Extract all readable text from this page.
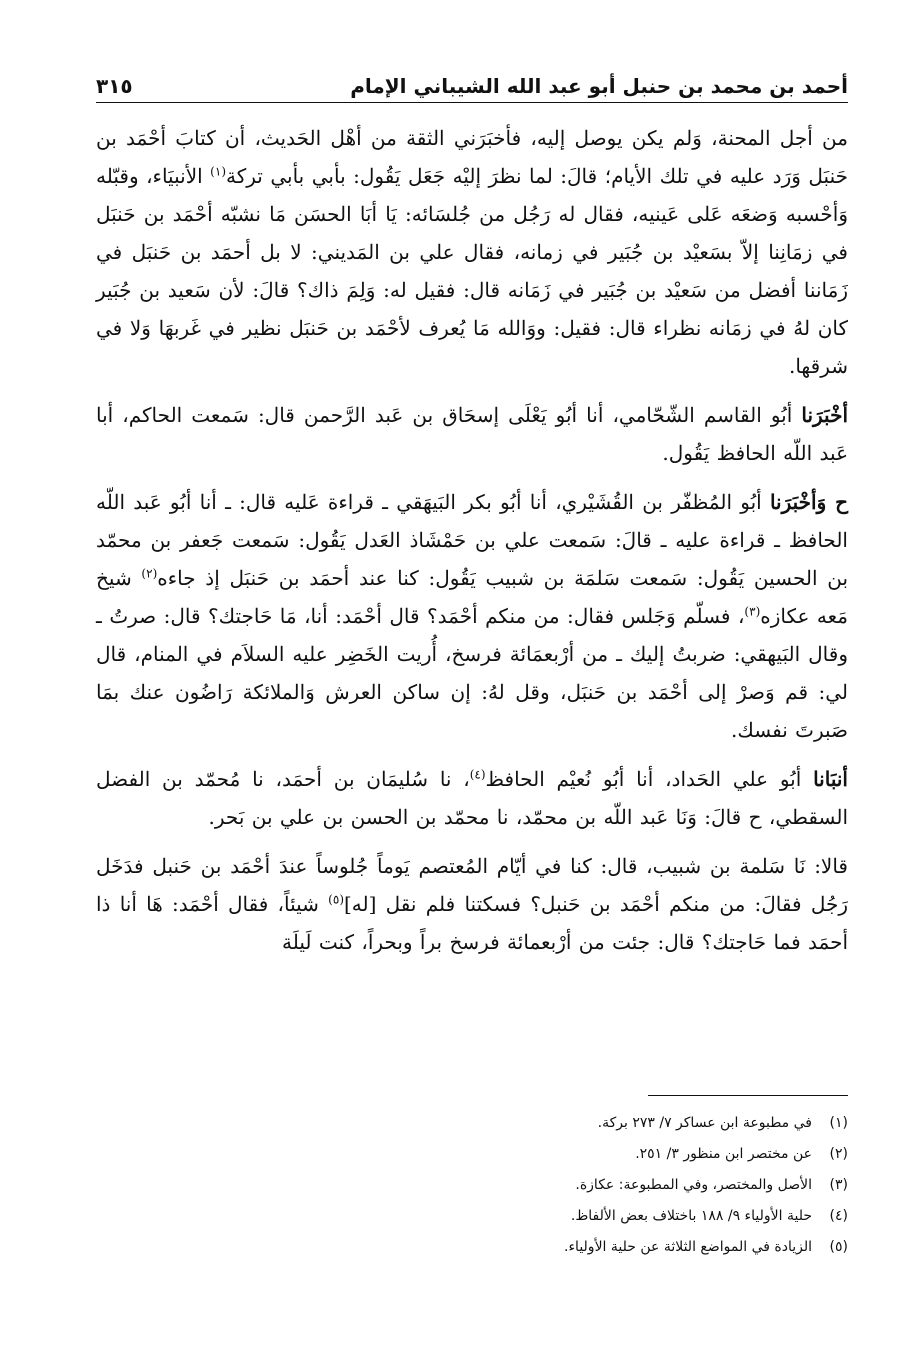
أحمد بن محمد بن حنبل أبو عبد الله الشيباني الإمام
٣١٥

من أجل المحنة، وَلم يكن يوصل إليه، فأخبَرَني الثقة من أهْل الحَديث، أن كتابَ أحْمَد بن حَنبَل وَرَد عليه في تلك الأيام؛ قالَ: لما نظرَ إليْه جَعَل يَقُول: بأبي بأبي تركة$^{(١)}$ الأنبيَاء، وقبّله وَأحْسبه وَضعَه عَلى عَينيه، فقال له رَجُل من جُلسَائه: يَا أبَا الحسَن مَا نشبّه أحْمَد بن حَنبَل في زمَانِنا إلاّ بسَعيْد بن جُبَير في زمانه، فقال علي بن المَديني: لا بل أحمَد بن حَنبَل في زَمَاننا أفضل من سَعيْد بن جُبَير في زَمَانه قال: فقيل له: وَلِمَ ذاك؟ قالَ: لأن سَعيد بن جُبَير كان لهُ في زمَانه نظراء قال: فقيل: ووَالله مَا يُعرف لأحْمَد بن حَنبَل نظير في غَربهَا وَلا في شرقها.

أخْبَرَنا أبُو القاسم الشّحّامي، أنا أبُو يَعْلَى إسحَاق بن عَبد الرَّحمن قال: سَمعت الحاكم، أبا عَبد اللّه الحافظ يَقُول.

ح وَأخْبَرَنا أبُو المُظفّر بن القُشَيْري، أنا أبُو بكر البَيهَقي ـ قراءة عَليه قال: ـ أنا أبُو عَبد اللّه الحافظ ـ قراءة عليه ـ قالَ: سَمعت علي بن حَمْشَاذ العَدل يَقُول: سَمعت جَعفر بن محمّد بن الحسين يَقُول: سَمعت سَلمَة بن شبيب يَقُول: كنا عند أحمَد بن حَنبَل إذ جاءه$^{(٢)}$ شيخ مَعه عكازه$^{(٣)}$، فسلّم وَجَلس فقال: من منكم أحْمَد؟ قال أحْمَد: أنا، مَا حَاجتك؟ قال: صرتُ ـ وقال البَيهقي: ضربتُ إليك ـ من أرْبعمَائة فرسخ، أُريت الخَضِر عليه السلاَم في المنام، قال لي: قم وَصرْ إلى أحْمَد بن حَنبَل، وقل لهُ: إن ساكن العرش وَالملائكة رَاضُون عنك بمَا صَبرتَ نفسك.

أنبَانا أبُو علي الحَداد، أنا أبُو نُعيْم الحافظ$^{(٤)}$، نا سُليمَان بن أحمَد، نا مُحمّد بن الفضل السقطي، ح قالَ: وَنَا عَبد اللّه بن محمّد، نا محمّد بن الحسن بن علي بن بَحر.

قالا: نَا سَلمة بن شبيب، قال: كنا في أيّام المُعتصم يَوماً جُلوساً عندَ أحْمَد بن حَنبل فدَخَل رَجُل فقالَ: من منكم أحْمَد بن حَنبل؟ فسكتنا فلم نقل [له]$^{(٥)}$ شيئاً، فقال أحْمَد: هَا أنا ذا أحمَد فما حَاجتك؟ قال: جئت من أرْبعمائة فرسخ براً وبحراً، كنت لَيلَة

(١)
في مطبوعة ابن عساكر ٧/ ٢٧٣ بركة.
(٢)
عن مختصر ابن منظور ٣/ ٢٥١.
(٣)
الأصل والمختصر، وفي المطبوعة: عكازة.
(٤)
حلية الأولياء ٩/ ١٨٨ باختلاف بعض الألفاظ.
(٥)
الزيادة في المواضع الثلاثة عن حلية الأولياء.
